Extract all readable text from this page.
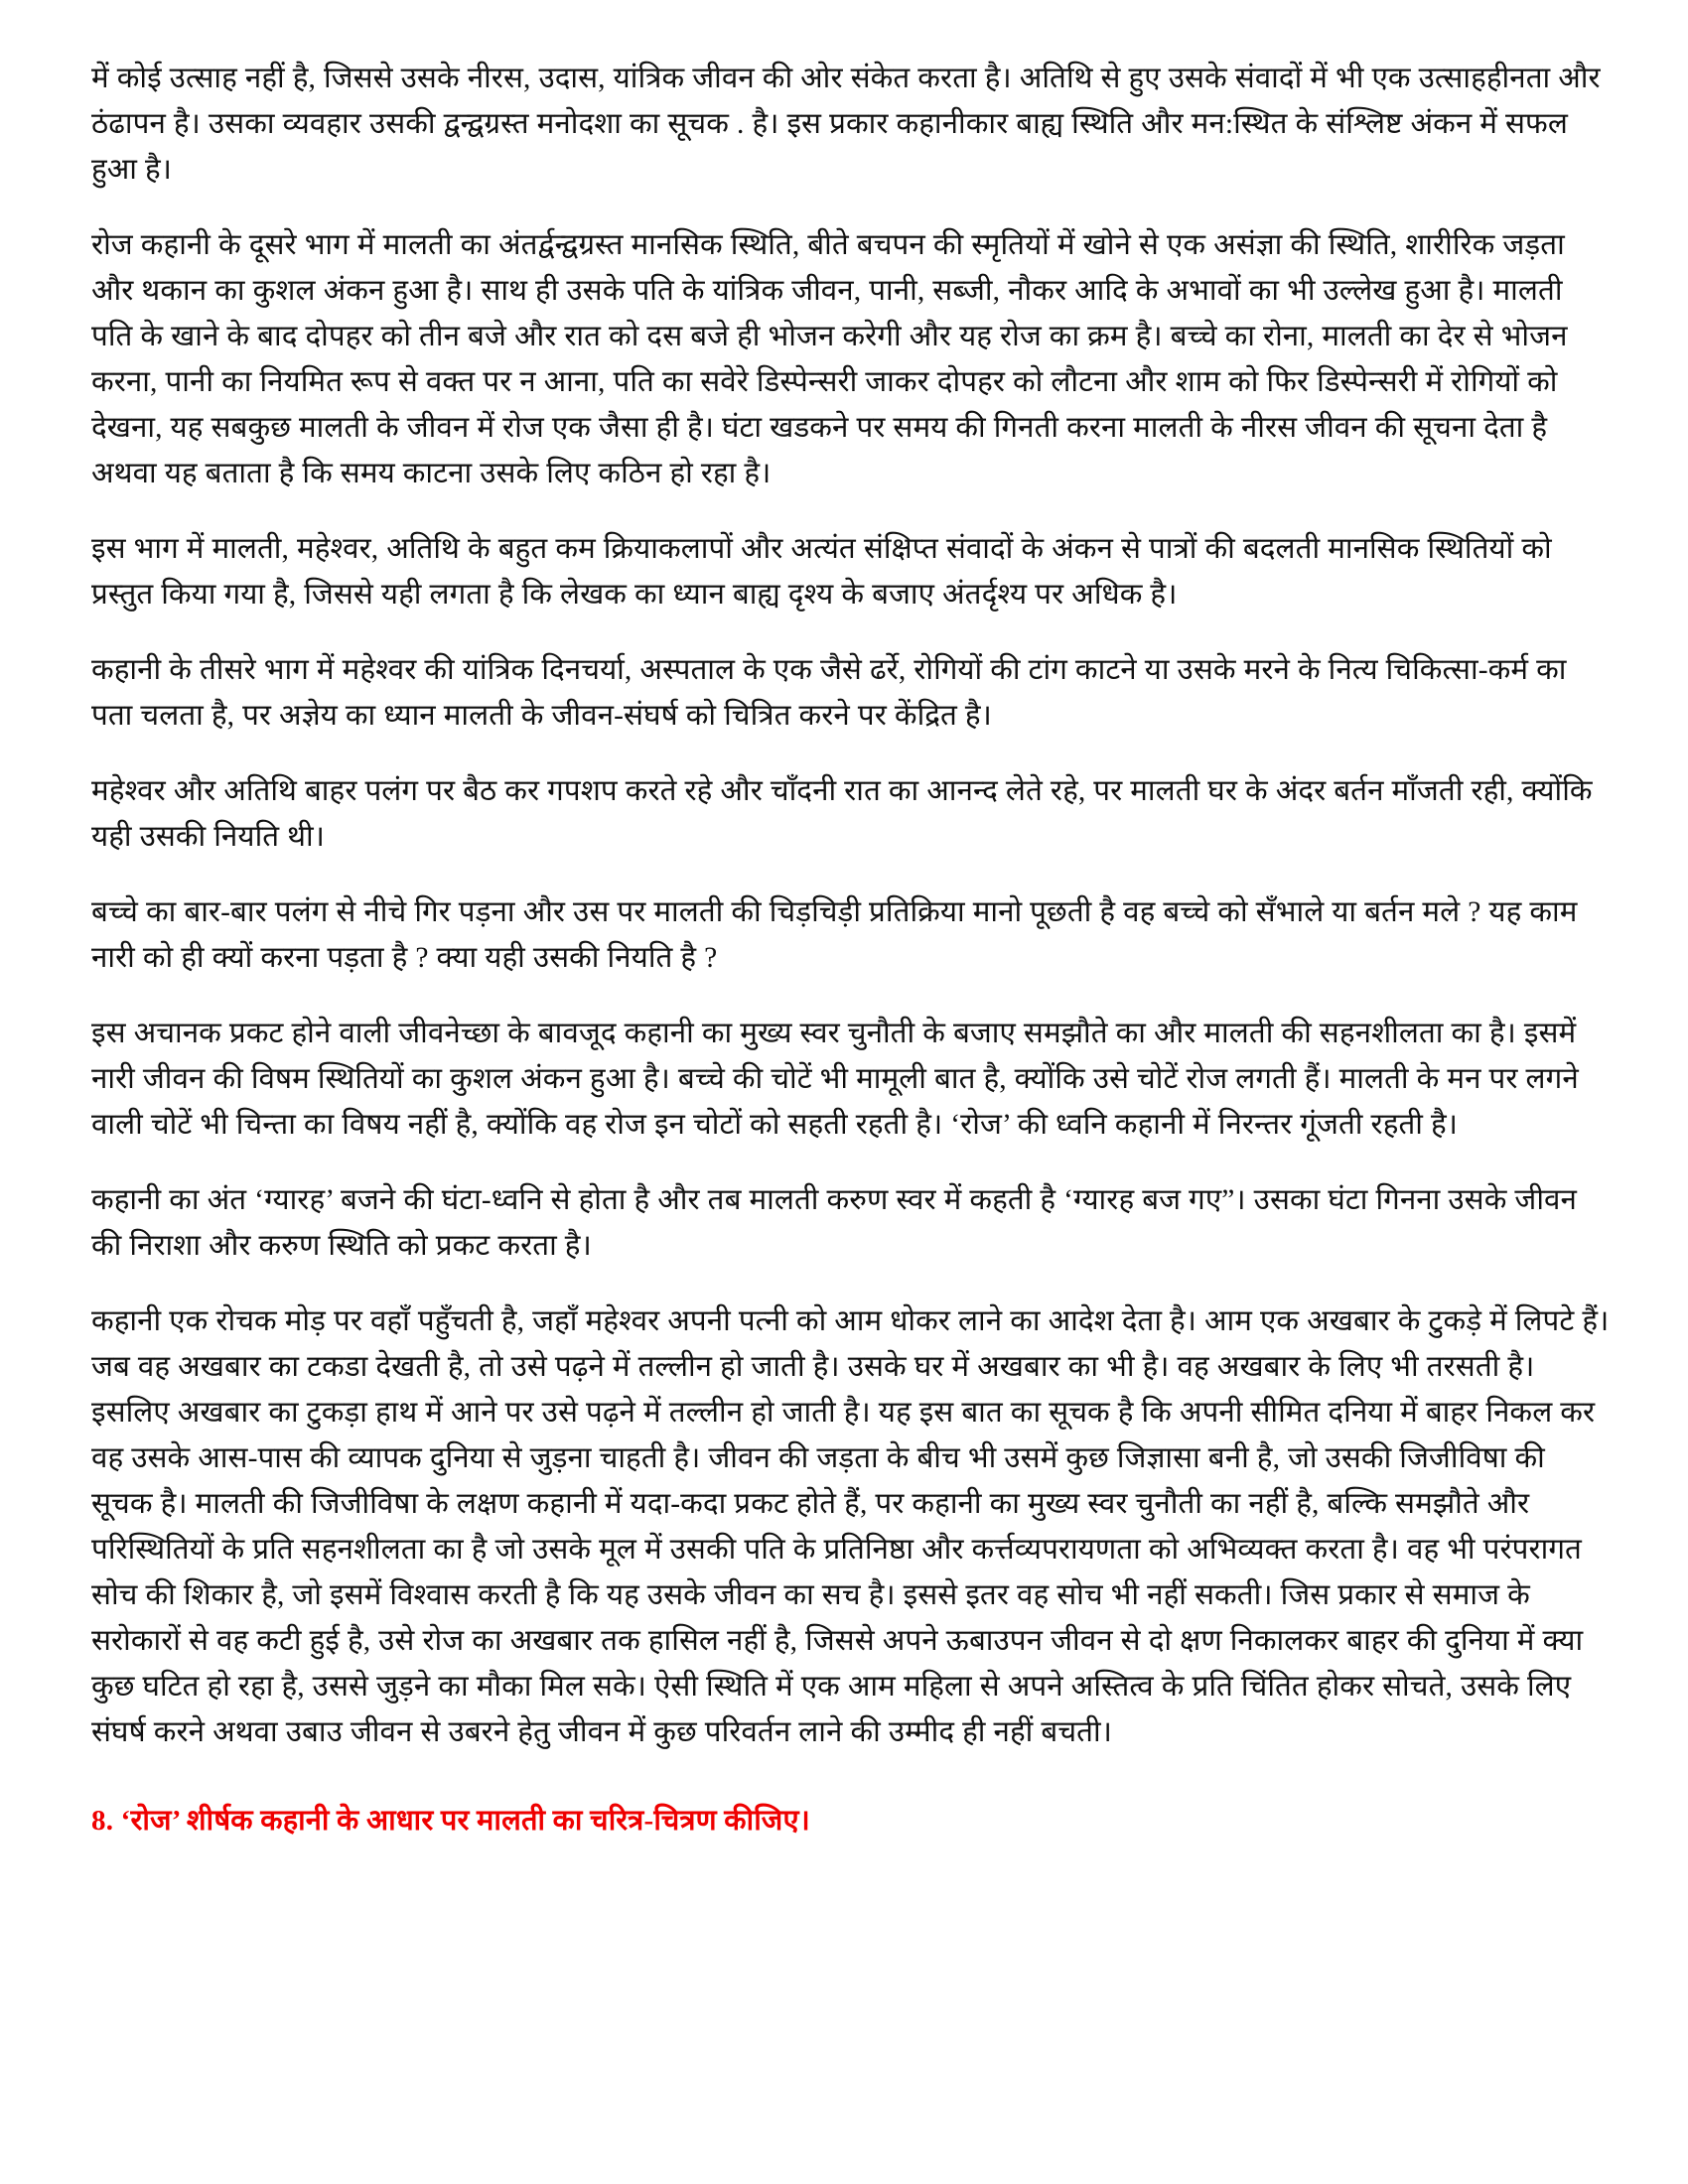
में कोई उत्साह नहीं है, जिससे उसके नीरस, उदास, यांत्रिक जीवन की ओर संकेत करता है। अतिथि से हुए उसके संवादों में भी एक उत्साहहीनता और ठंढापन है। उसका व्यवहार उसकी द्वन्द्वग्रस्त मनोदशा का सूचक . है। इस प्रकार कहानीकार बाह्य स्थिति और मन:स्थित के संश्लिष्ट अंकन में सफल हुआ है।

रोज कहानी के दूसरे भाग में मालती का अंतर्द्वन्द्वग्रस्त मानसिक स्थिति, बीते बचपन की स्मृतियों में खोने से एक असंज्ञा की स्थिति, शारीरिक जड़ता और थकान का कुशल अंकन हुआ है। साथ ही उसके पति के यांत्रिक जीवन, पानी, सब्जी, नौकर आदि के अभावों का भी उल्लेख हुआ है। मालती पति के खाने के बाद दोपहर को तीन बजे और रात को दस बजे ही भोजन करेगी और यह रोज का क्रम है। बच्चे का रोना, मालती का देर से भोजन करना, पानी का नियमित रूप से वक्त पर न आना, पति का सवेरे डिस्पेन्सरी जाकर दोपहर को लौटना और शाम को फिर डिस्पेन्सरी में रोगियों को देखना, यह सबकुछ मालती के जीवन में रोज एक जैसा ही है। घंटा खडकने पर समय की गिनती करना मालती के नीरस जीवन की सूचना देता है अथवा यह बताता है कि समय काटना उसके लिए कठिन हो रहा है।

इस भाग में मालती, महेश्वर, अतिथि के बहुत कम क्रियाकलापों और अत्यंत संक्षिप्त संवादों के अंकन से पात्रों की बदलती मानसिक स्थितियों को प्रस्तुत किया गया है, जिससे यही लगता है कि लेखक का ध्यान बाह्य दृश्य के बजाए अंतर्दृश्य पर अधिक है।

कहानी के तीसरे भाग में महेश्वर की यांत्रिक दिनचर्या, अस्पताल के एक जैसे ढर्रे, रोगियों की टांग काटने या उसके मरने के नित्य चिकित्सा-कर्म का पता चलता है, पर अज्ञेय का ध्यान मालती के जीवन-संघर्ष को चित्रित करने पर केंद्रित है।

महेश्वर और अतिथि बाहर पलंग पर बैठ कर गपशप करते रहे और चाँदनी रात का आनन्द लेते रहे, पर मालती घर के अंदर बर्तन माँजती रही, क्योंकि यही उसकी नियति थी।

बच्चे का बार-बार पलंग से नीचे गिर पड़ना और उस पर मालती की चिड़चिड़ी प्रतिक्रिया मानो पूछती है वह बच्चे को सँभाले या बर्तन मले ? यह काम नारी को ही क्यों करना पड़ता है ? क्या यही उसकी नियति है ?

इस अचानक प्रकट होने वाली जीवनेच्छा के बावजूद कहानी का मुख्य स्वर चुनौती के बजाए समझौते का और मालती की सहनशीलता का है। इसमें नारी जीवन की विषम स्थितियों का कुशल अंकन हुआ है। बच्चे की चोटें भी मामूली बात है, क्योंकि उसे चोटें रोज लगती हैं। मालती के मन पर लगने वाली चोटें भी चिन्ता का विषय नहीं है, क्योंकि वह रोज इन चोटों को सहती रहती है। ‘रोज’ की ध्वनि कहानी में निरन्तर गूंजती रहती है।

कहानी का अंत ‘ग्यारह’ बजने की घंटा-ध्वनि से होता है और तब मालती करुण स्वर में कहती है ‘ग्यारह बज गए”। उसका घंटा गिनना उसके जीवन की निराशा और करुण स्थिति को प्रकट करता है।

कहानी एक रोचक मोड़ पर वहाँ पहुँचती है, जहाँ महेश्वर अपनी पत्नी को आम धोकर लाने का आदेश देता है। आम एक अखबार के टुकड़े में लिपटे हैं। जब वह अखबार का टकडा देखती है, तो उसे पढ़ने में तल्लीन हो जाती है। उसके घर में अखबार का भी है। वह अखबार के लिए भी तरसती है। इसलिए अखबार का टुकड़ा हाथ में आने पर उसे पढ़ने में तल्लीन हो जाती है। यह इस बात का सूचक है कि अपनी सीमित दनिया में बाहर निकल कर वह उसके आस-पास की व्यापक दुनिया से जुड़ना चाहती है। जीवन की जड़ता के बीच भी उसमें कुछ जिज्ञासा बनी है, जो उसकी जिजीविषा की सूचक है। मालती की जिजीविषा के लक्षण कहानी में यदा-कदा प्रकट होते हैं, पर कहानी का मुख्य स्वर चुनौती का नहीं है, बल्कि समझौते और परिस्थितियों के प्रति सहनशीलता का है जो उसके मूल में उसकी पति के प्रतिनिष्ठा और कर्त्तव्यपरायणता को अभिव्यक्त करता है। वह भी परंपरागत सोच की शिकार है, जो इसमें विश्वास करती है कि यह उसके जीवन का सच है। इससे इतर वह सोच भी नहीं सकती। जिस प्रकार से समाज के सरोकारों से वह कटी हुई है, उसे रोज का अखबार तक हासिल नहीं है, जिससे अपने ऊबाउपन जीवन से दो क्षण निकालकर बाहर की दुनिया में क्या कुछ घटित हो रहा है, उससे जुड़ने का मौका मिल सके। ऐसी स्थिति में एक आम महिला से अपने अस्तित्व के प्रति चिंतित होकर सोचते, उसके लिए संघर्ष करने अथवा उबाउ जीवन से उबरने हेतु जीवन में कुछ परिवर्तन लाने की उम्मीद ही नहीं बचती।

8. ‘रोज’ शीर्षक कहानी के आधार पर मालती का चरित्र-चित्रण कीजिए।
